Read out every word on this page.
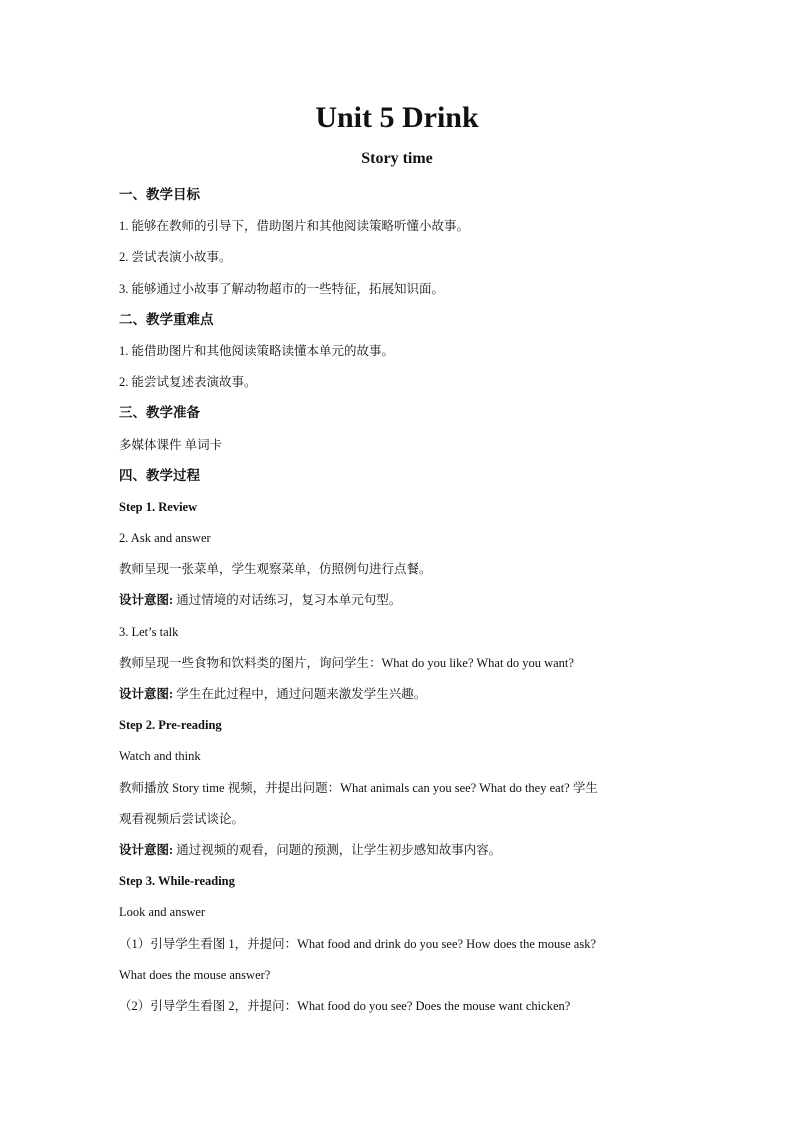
Unit 5 Drink
Story time
一、教学目标
1. 能够在教师的引导下，借助图片和其他阅读策略听懂小故事。
2. 尝试表演小故事。
3. 能够通过小故事了解动物超市的一些特征，拓展知识面。
二、教学重难点
1. 能借助图片和其他阅读策略读懂本单元的故事。
2. 能尝试复述表演故事。
三、教学准备
多媒体课件 单词卡
四、教学过程
Step 1. Review
2. Ask and answer
教师呈现一张菜单，学生观察菜单，仿照例句进行点餐。
设计意图: 通过情境的对话练习，复习本单元句型。
3. Let’s talk
教师呈现一些食物和饮料类的图片，询问学生：What do you like? What do you want?
设计意图: 学生在此过程中，通过问题来激发学生兴趣。
Step 2. Pre-reading
Watch and think
教师播放 Story time 视频，并提出问题：What animals can you see? What do they eat? 学生
观看视频后尝试谈论。
设计意图: 通过视频的观看，问题的预测，让学生初步感知故事内容。
Step 3. While-reading
Look and answer
（1）引导学生看图 1，并提问：What food and drink do you see? How does the mouse ask?
What does the mouse answer?
（2）引导学生看图 2，并提问：What food do you see? Does the mouse want chicken?
